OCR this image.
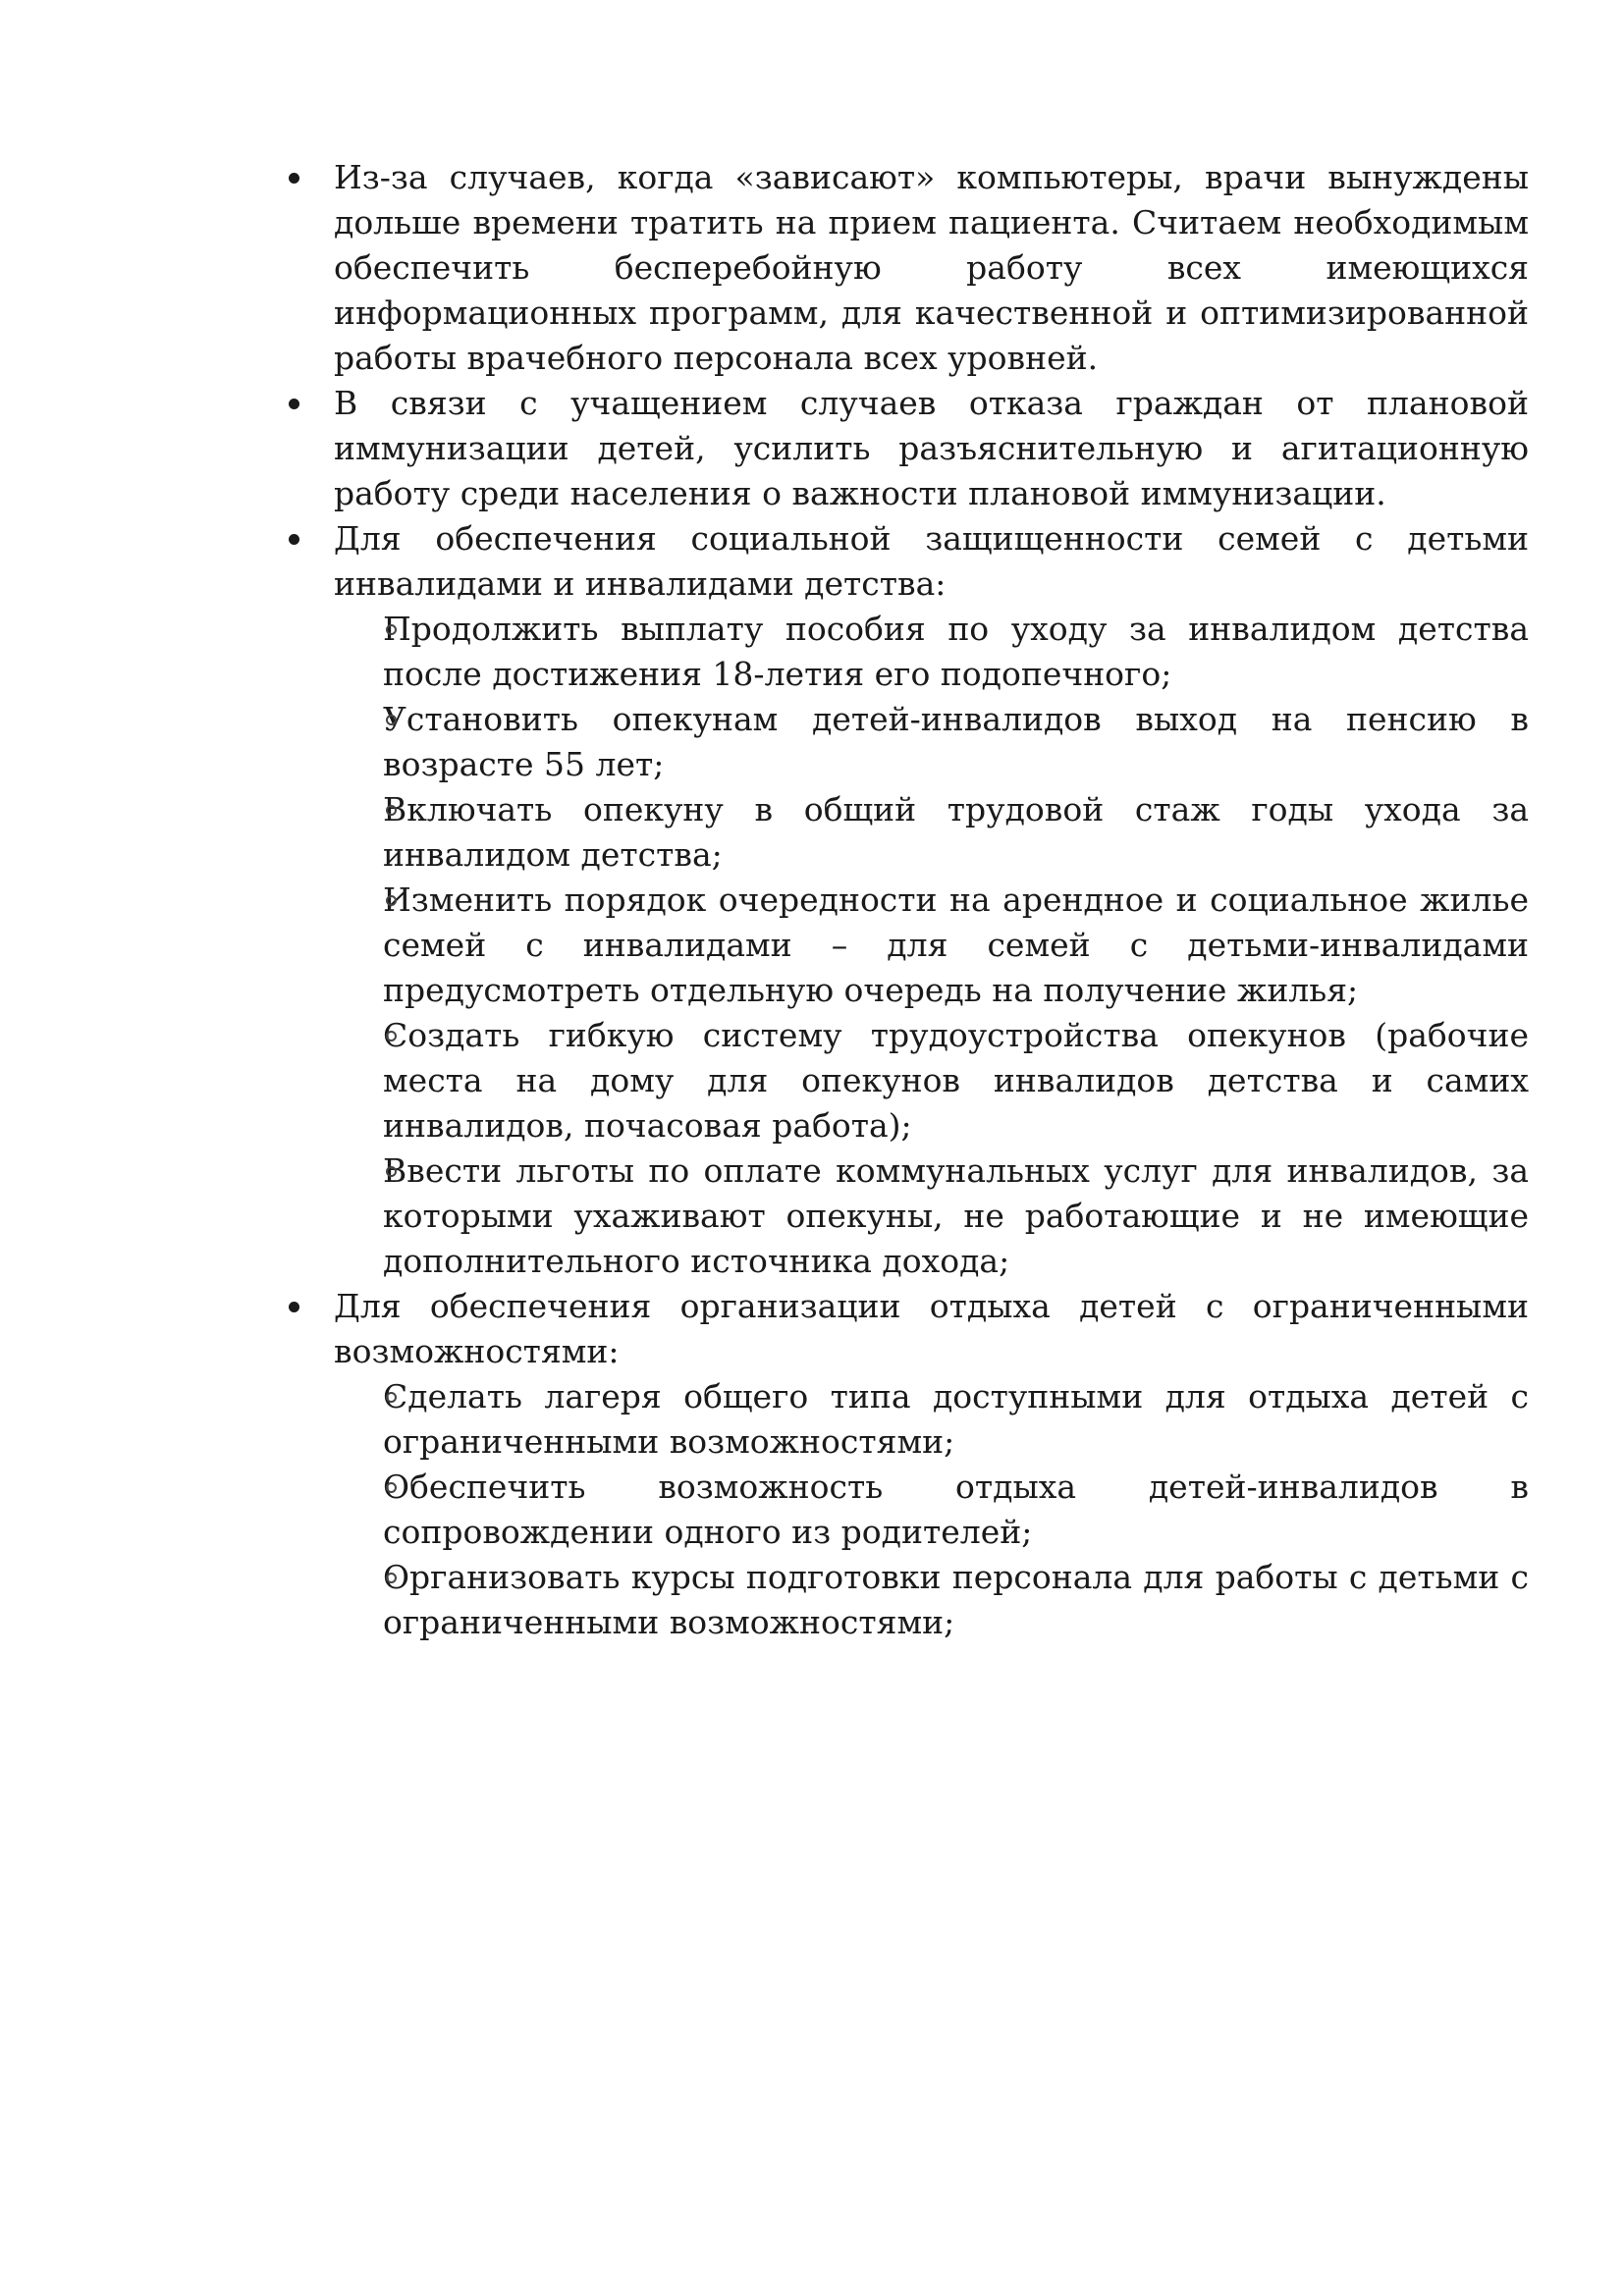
Из-за случаев, когда «зависают» компьютеры, врачи вынуждены дольше времени тратить на прием пациента. Считаем необходимым обеспечить бесперебойную работу всех имеющихся информационных программ, для качественной и оптимизированной работы врачебного персонала всех уровней.
В связи с учащением случаев отказа граждан от плановой иммунизации детей, усилить разъяснительную и агитационную работу среди населения о важности плановой иммунизации.
Для обеспечения социальной защищенности семей с детьми инвалидами и инвалидами детства:
Продолжить выплату пособия по уходу за инвалидом детства после достижения 18-летия его подопечного;
Установить опекунам детей-инвалидов выход на пенсию в возрасте 55 лет;
Включать опекуну в общий трудовой стаж годы ухода за инвалидом детства;
Изменить порядок очередности на арендное и социальное жилье семей с инвалидами – для семей с детьми-инвалидами предусмотреть отдельную очередь на получение жилья;
Создать гибкую систему трудоустройства опекунов (рабочие места на дому для опекунов инвалидов детства и самих инвалидов, почасовая работа);
Ввести льготы по оплате коммунальных услуг для инвалидов, за которыми ухаживают опекуны, не работающие и не имеющие дополнительного источника дохода;
Для обеспечения организации отдыха детей с ограниченными возможностями:
Сделать лагеря общего типа доступными для отдыха детей с ограниченными возможностями;
Обеспечить возможность отдыха детей-инвалидов в сопровождении одного из родителей;
Организовать курсы подготовки персонала для работы с детьми с ограниченными возможностями;
